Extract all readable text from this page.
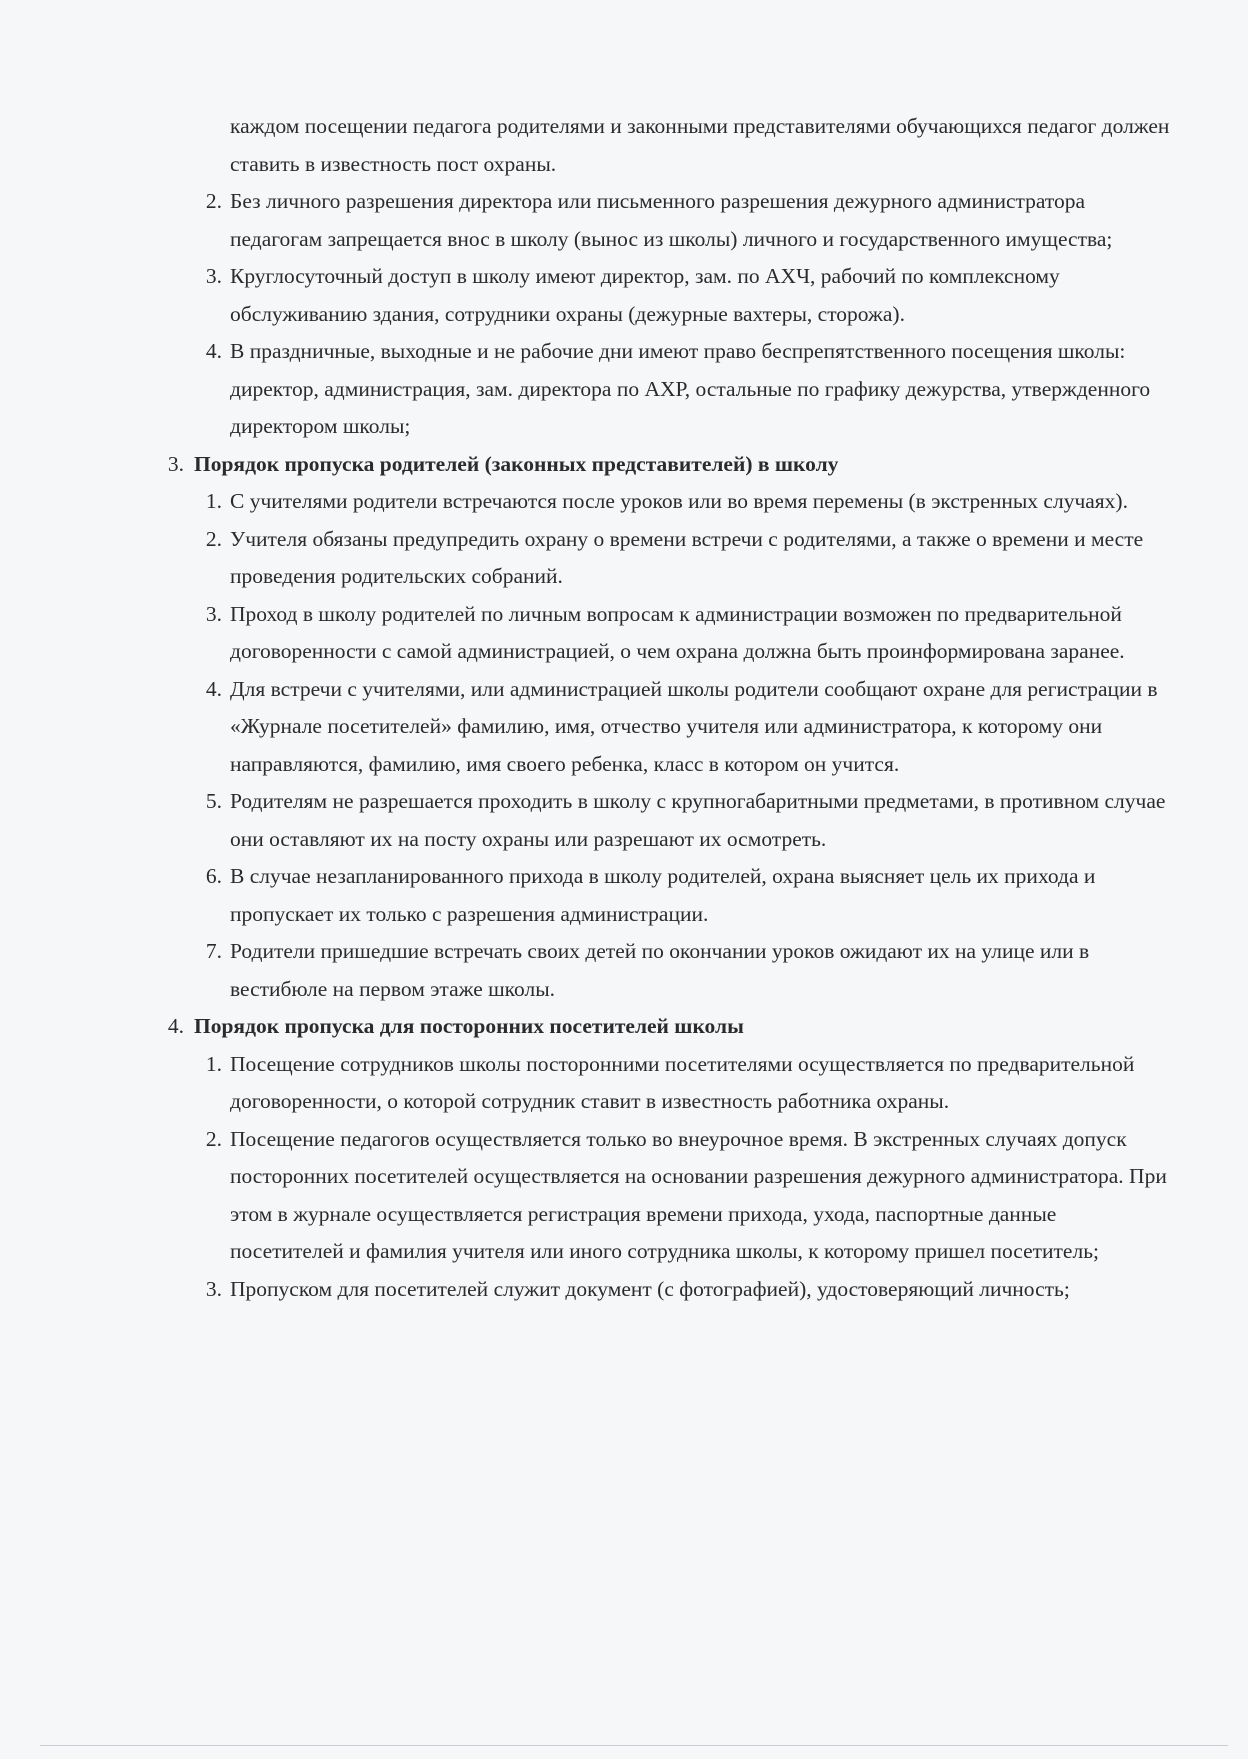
каждом посещении педагога родителями и законными представителями обучающихся педагог должен ставить в известность пост охраны.
2. Без личного разрешения директора или письменного разрешения дежурного администратора педагогам запрещается внос в школу (вынос из школы) личного и государственного имущества;
3. Круглосуточный доступ в школу имеют директор, зам. по АХЧ, рабочий по комплексному обслуживанию здания, сотрудники охраны (дежурные вахтеры, сторожа).
4. В праздничные, выходные и не рабочие дни имеют право беспрепятственного посещения школы: директор, администрация, зам. директора по АХР, остальные по графику дежурства, утвержденного директором школы;
3. Порядок пропуска родителей (законных представителей) в школу
1. С учителями родители встречаются после уроков или во время перемены (в экстренных случаях).
2. Учителя обязаны предупредить охрану о времени встречи с родителями, а также о времени и месте проведения родительских собраний.
3. Проход в школу родителей по личным вопросам к администрации возможен по предварительной договоренности с самой администрацией, о чем охрана должна быть проинформирована заранее.
4. Для встречи с учителями, или администрацией школы родители сообщают охране для регистрации в «Журнале посетителей» фамилию, имя, отчество учителя или администратора, к которому они направляются, фамилию, имя своего ребенка, класс в котором он учится.
5. Родителям не разрешается проходить в школу с крупногабаритными предметами, в противном случае они оставляют их на посту охраны или разрешают их осмотреть.
6. В случае незапланированного прихода в школу родителей, охрана выясняет цель их прихода и пропускает их только с разрешения администрации.
7. Родители пришедшие встречать своих детей по окончании уроков ожидают их на улице или в вестибюле на первом этаже школы.
4. Порядок пропуска для посторонних посетителей школы
1. Посещение сотрудников школы посторонними посетителями осуществляется по предварительной договоренности, о которой сотрудник ставит в известность работника охраны.
2. Посещение педагогов осуществляется только во внеурочное время. В экстренных случаях допуск посторонних посетителей осуществляется на основании разрешения дежурного администратора. При этом в журнале осуществляется регистрация времени прихода, ухода, паспортные данные посетителей и фамилия учителя или иного сотрудника школы, к которому пришел посетитель;
3. Пропуском для посетителей служит документ (с фотографией), удостоверяющий личность;
